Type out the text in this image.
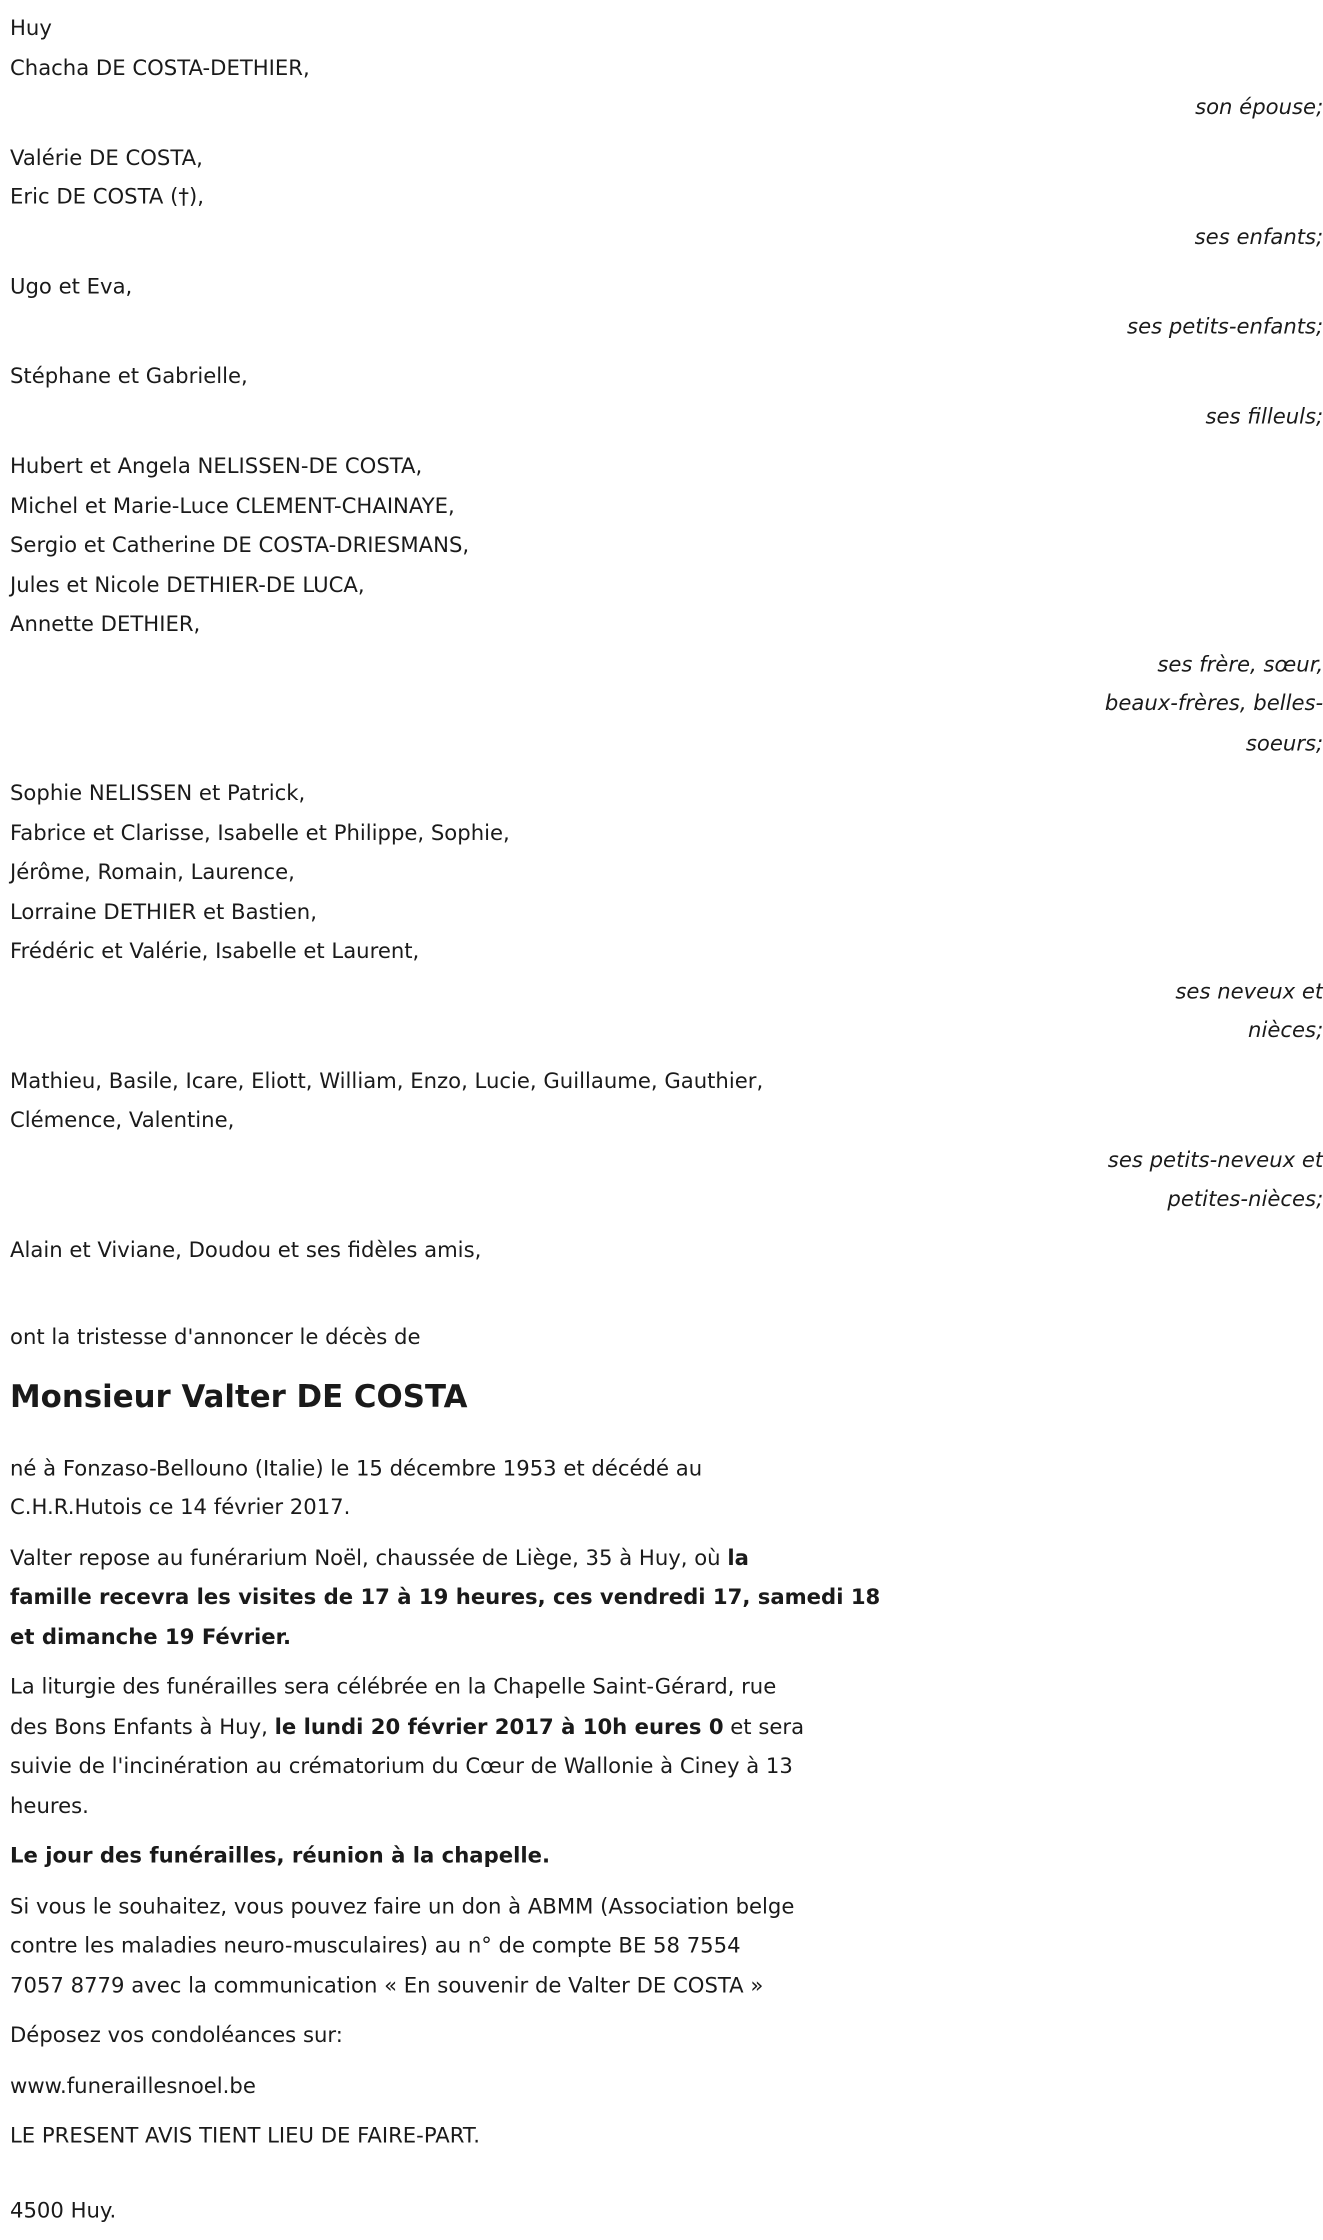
Huy
Chacha DE COSTA-DETHIER,
son épouse;
Valérie DE COSTA,
Eric DE COSTA (†),
ses enfants;
Ugo et Eva,
ses petits-enfants;
Stéphane et Gabrielle,
ses filleuls;
Hubert et Angela NELISSEN-DE COSTA,
Michel et Marie-Luce CLEMENT-CHAINAYE,
Sergio et Catherine DE COSTA-DRIESMANS,
Jules et Nicole DETHIER-DE LUCA,
Annette DETHIER,
ses frère, sœur,
beaux-frères, belles-
soeurs;
Sophie NELISSEN et Patrick,
Fabrice et Clarisse, Isabelle et Philippe, Sophie,
Jérôme, Romain, Laurence,
Lorraine DETHIER et Bastien,
Frédéric et Valérie, Isabelle et Laurent,
ses neveux et
nièces;
Mathieu, Basile, Icare, Eliott, William, Enzo, Lucie, Guillaume, Gauthier,
Clémence, Valentine,
ses petits-neveux et
petites-nièces;
Alain et Viviane, Doudou et ses fidèles amis,
ont la tristesse d'annoncer le décès de
Monsieur Valter DE COSTA

né à Fonzaso-Bellouno (Italie) le 15 décembre 1953 et décédé au
C.H.R.Hutois ce 14 février 2017.

Valter repose au funérarium Noël, chaussée de Liège, 35 à Huy, où la
famille recevra les visites de 17 à 19 heures, ces vendredi 17, samedi 18
et dimanche 19 Février.

La liturgie des funérailles sera célébrée en la Chapelle Saint-Gérard, rue
des Bons Enfants à Huy, le lundi 20 février 2017 à 10h eures 0 et sera
suivie de l'incinération au crématorium du Cœur de Wallonie à Ciney à 13
heures.

Le jour des funérailles, réunion à la chapelle.

Si vous le souhaitez, vous pouvez faire un don à ABMM (Association belge
contre les maladies neuro-musculaires) au n° de compte BE 58 7554
7057 8779 avec la communication « En souvenir de Valter DE COSTA »

Déposez vos condoléances sur:

www.funeraillesnoel.be

LE PRESENT AVIS TIENT LIEU DE FAIRE-PART.

4500 Huy.
